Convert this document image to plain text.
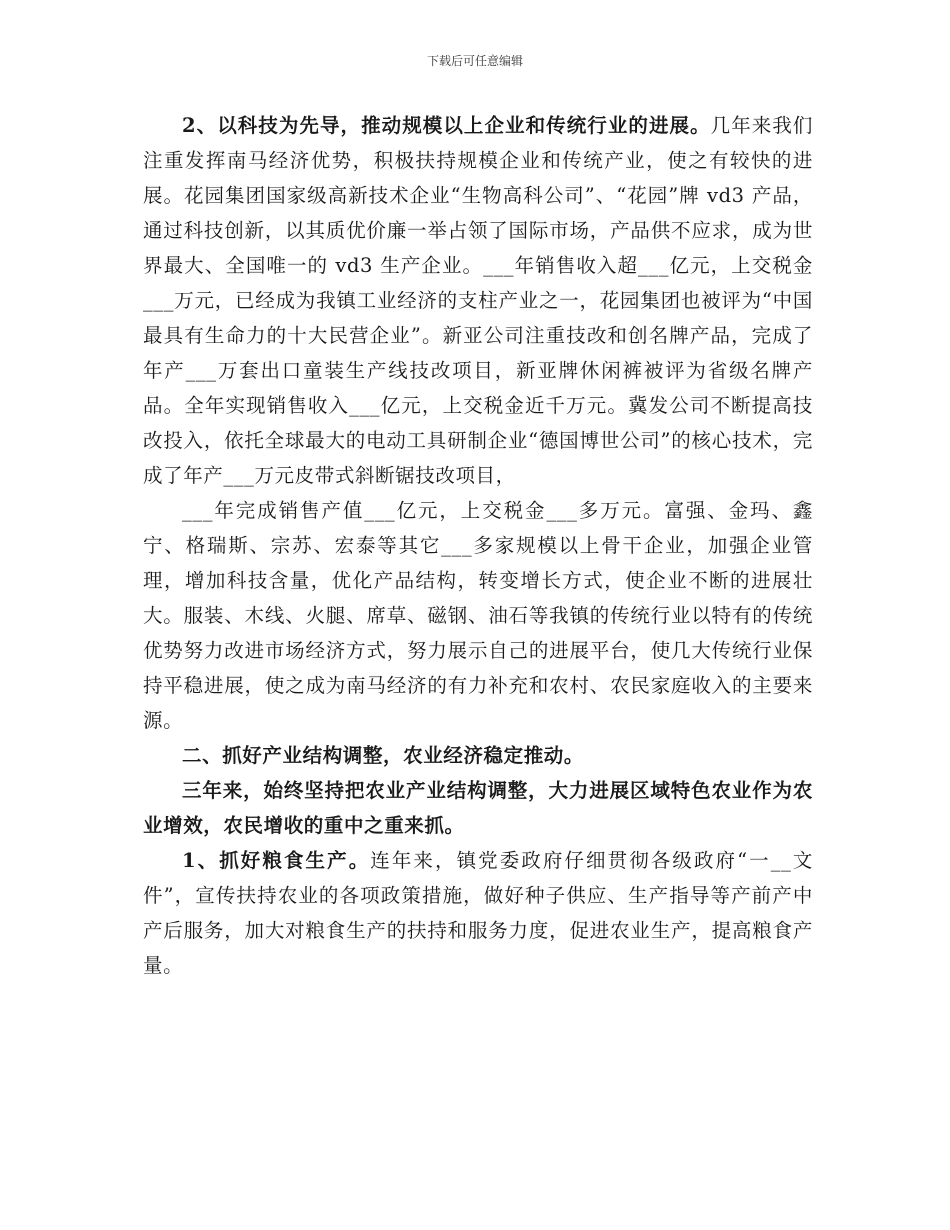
下载后可任意编辑

2、以科技为先导，推动规模以上企业和传统行业的进展。几年来我们注重发挥南马经济优势，积极扶持规模企业和传统产业，使之有较快的进展。花园集团国家级高新技术企业“生物高科公司”、“花园”牌 vd3 产品，通过科技创新，以其质优价廉一举占领了国际市场，产品供不应求，成为世界最大、全国唯一的 vd3 生产企业。___年销售收入超___亿元，上交税金___万元，已经成为我镇工业经济的支柱产业之一，花园集团也被评为“中国最具有生命力的十大民营企业”。新亚公司注重技改和创名牌产品，完成了年产___万套出口童装生产线技改项目，新亚牌休闲裤被评为省级名牌产品。全年实现销售收入___亿元，上交税金近千万元。冀发公司不断提高技改投入，依托全球最大的电动工具研制企业“德国博世公司”的核心技术，完成了年产___万元皮带式斜断锯技改项目，

___年完成销售产值___亿元，上交税金___多万元。富强、金玛、鑫宁、格瑞斯、宗苏、宏泰等其它___多家规模以上骨干企业，加强企业管理，增加科技含量，优化产品结构，转变增长方式，使企业不断的进展壮大。服装、木线、火腿、席草、磁钢、油石等我镇的传统行业以特有的传统优势努力改进市场经济方式，努力展示自己的进展平台，使几大传统行业保持平稳进展，使之成为南马经济的有力补充和农村、农民家庭收入的主要来源。

二、抓好产业结构调整，农业经济稳定推动。

三年来，始终坚持把农业产业结构调整，大力进展区域特色农业作为农业增效，农民增收的重中之重来抓。

1、抓好粮食生产。连年来，镇党委政府仔细贯彻各级政府“一__文件”，宣传扶持农业的各项政策措施，做好种子供应、生产指导等产前产中产后服务，加大对粮食生产的扶持和服务力度，促进农业生产，提高粮食产量。
